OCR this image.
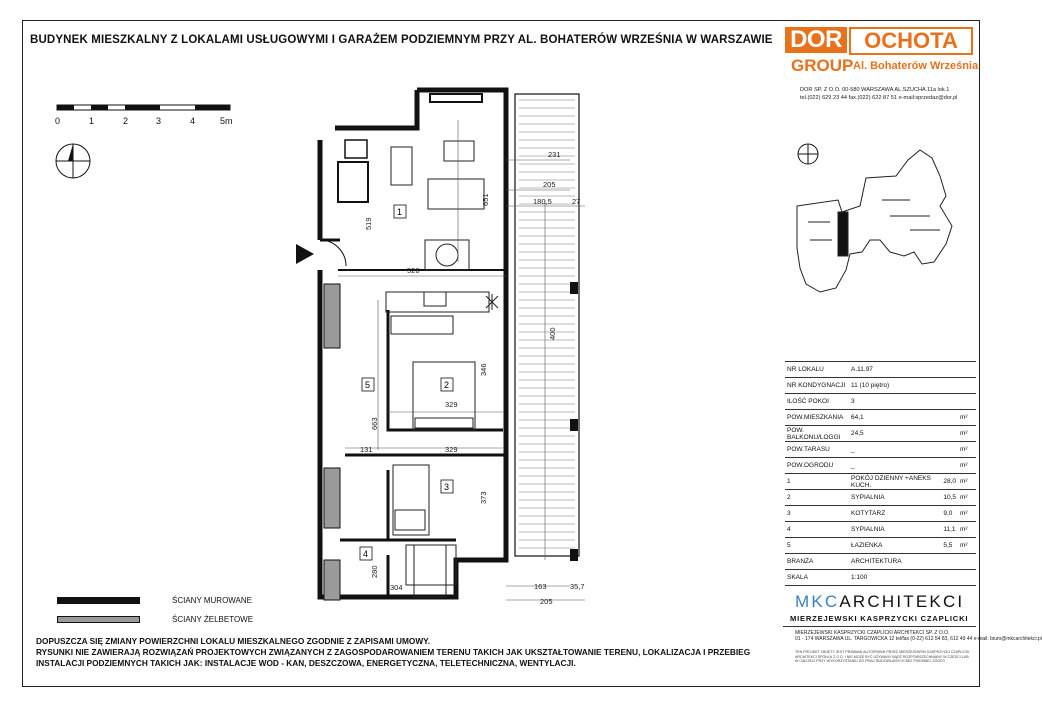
BUDYNEK MIESZKALNY Z LOKALAMI USŁUGOWYMI I GARAŻEM PODZIEMNYM PRZY AL. BOHATERÓW WRZEŚNIA W WARSZAWIE DOR	OCHOTA
GROUP Al. Bohaterów Września
DOR SP. Z O.O. 00-580 WARSZAWA AL.SZUCHA 11a lok.1
tel.(022) 629 23 44 fax.(022) 622 87 51 e-mail:sprzedaz@dor.pl
0	1	2	3	4	5m
1
2
3
4
5
231
205
180,5	27
651
519
526
400
346
329
663
131	329
373
280
304	163	35,7
205
ŚCIANY MUROWANE
ŚCIANY ŻELBETOWE
DOPUSZCZA SIĘ ZMIANY POWIERZCHNI LOKALU MIESZKALNEGO ZGODNIE Z ZAPISAMI UMOWY.
RYSUNKI NIE ZAWIERAJĄ ROZWIĄZAŃ PROJEKTOWYCH ZWIĄZANYCH Z ZAGOSPODAROWANIEM TERENU TAKICH JAK UKSZTAŁTOWANIE TERENU, LOKALIZACJA I PRZEBIEG
INSTALACJI PODZIEMNYCH TAKICH JAK: INSTALACJE WOD - KAN, DESZCZOWA, ENERGETYCZNA, TELETECHNICZNA, WENTYLACJI.
NR LOKALU	A.11.97		
NR KONDYGNACJI	11 (10 piętro)		
ILOŚĆ POKOI	3		
POW.MIESZKANIA	64,1		m²
POW. BALKONU/LOGGI	24,5		m²
POW.TARASU	_		m²
POW.OGRODU	_		m²
1	POKÓJ DZIENNY +ANEKS KUCH.	28,0	m²
2	SYPIALNIA	10,5	m²
3	KOTYTARZ	9,0	m²
4	SYPIALNIA	11,1	m²
5	ŁAZIENKA	5,5	m²
BRANŻA	ARCHITEKTURA		
SKALA	1:100		
MKCARCHITEKCI
MIERZEJEWSKI KASPRZYCKI CZAPLICKI
MIERZEJEWSKI KASPRZYCKI CZAPLICKI ARCHITEKCI SP. Z O.O.
01 - 174 WARSZAWA UL. TARGOWICKA 12 tel/fax (0-22) 612 54 83, 612 49 44 e-mail: biuro@mkcarchitekci.pl
TEN PROJEKT OBJĘTY JEST PRAWAMI AUTORSKIMI PRZEZ MIERZEJEWSKI KASPRZYCKI CZAPLICKI ARCHITEKCI SPÓŁKA Z O.O. I NIE MOŻE BYĆ UŻYWANY BĄDŹ ROZPOWSZECHNIANY W CZĘŚCI LUB W CAŁOŚCI PRZY WYKORZYSTANIU DO PRAC BUDOWLANYCH BEZ PISEMNEJ ZGODY
